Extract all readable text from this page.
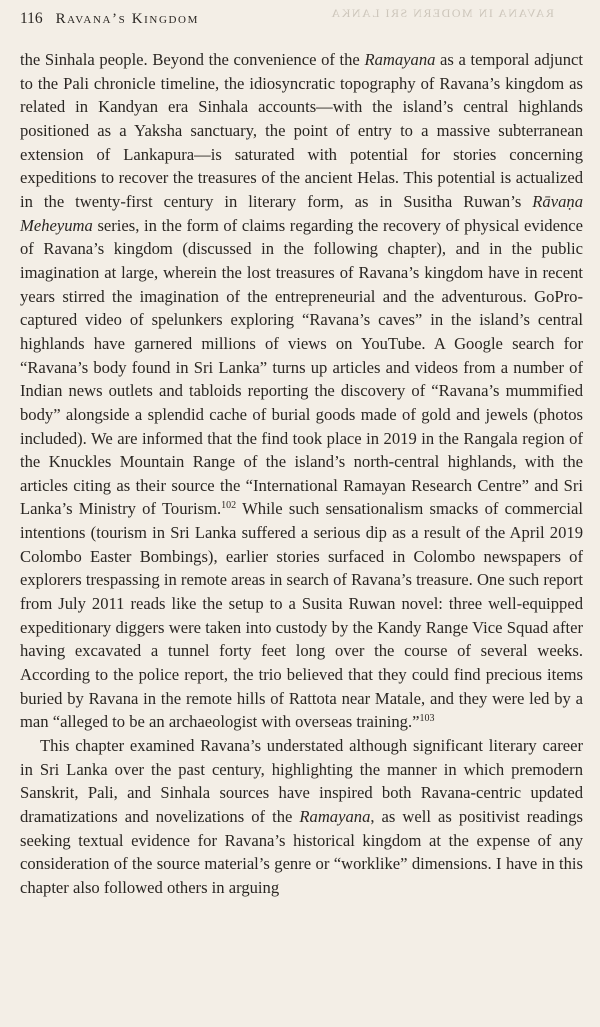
RAVANA IN MODERN SRI LANKA
116 Ravana’s Kingdom

the Sinhala people. Beyond the convenience of the Ramayana as a temporal adjunct to the Pali chronicle timeline, the idiosyncratic topography of Ravana’s kingdom as related in Kandyan era Sinhala accounts—with the island’s central highlands positioned as a Yaksha sanctuary, the point of entry to a massive subterranean extension of Lankapura—is saturated with potential for stories concerning expeditions to recover the treasures of the ancient Helas. This potential is actualized in the twenty-first century in literary form, as in Susitha Ruwan’s Rāvaṇa Meheyuma series, in the form of claims regarding the recovery of physical evidence of Ravana’s kingdom (discussed in the following chapter), and in the public imagination at large, wherein the lost treasures of Ravana’s kingdom have in recent years stirred the imagination of the entrepreneurial and the adventurous. GoPro-captured video of spelunkers exploring “Ravana’s caves” in the island’s central highlands have garnered millions of views on YouTube. A Google search for “Ravana’s body found in Sri Lanka” turns up articles and videos from a number of Indian news outlets and tabloids reporting the discovery of “Ravana’s mummified body” alongside a splendid cache of burial goods made of gold and jewels (photos included). We are informed that the find took place in 2019 in the Rangala region of the Knuckles Mountain Range of the island’s north-central highlands, with the articles citing as their source the “International Ramayan Research Centre” and Sri Lanka’s Ministry of Tourism.$^{102}$ While such sensationalism smacks of commercial intentions (tourism in Sri Lanka suffered a serious dip as a result of the April 2019 Colombo Easter Bombings), earlier stories surfaced in Colombo newspapers of explorers trespassing in remote areas in search of Ravana’s treasure. One such report from July 2011 reads like the setup to a Susita Ruwan novel: three well-equipped expeditionary diggers were taken into custody by the Kandy Range Vice Squad after having excavated a tunnel forty feet long over the course of several weeks. According to the police report, the trio believed that they could find precious items buried by Ravana in the remote hills of Rattota near Matale, and they were led by a man “alleged to be an archaeologist with overseas training.”$^{103}$

This chapter examined Ravana’s understated although significant literary career in Sri Lanka over the past century, highlighting the manner in which premodern Sanskrit, Pali, and Sinhala sources have inspired both Ravana-centric updated dramatizations and novelizations of the Ramayana, as well as positivist readings seeking textual evidence for Ravana’s historical kingdom at the expense of any consideration of the source material’s genre or “worklike” dimensions. I have in this chapter also followed others in arguing
